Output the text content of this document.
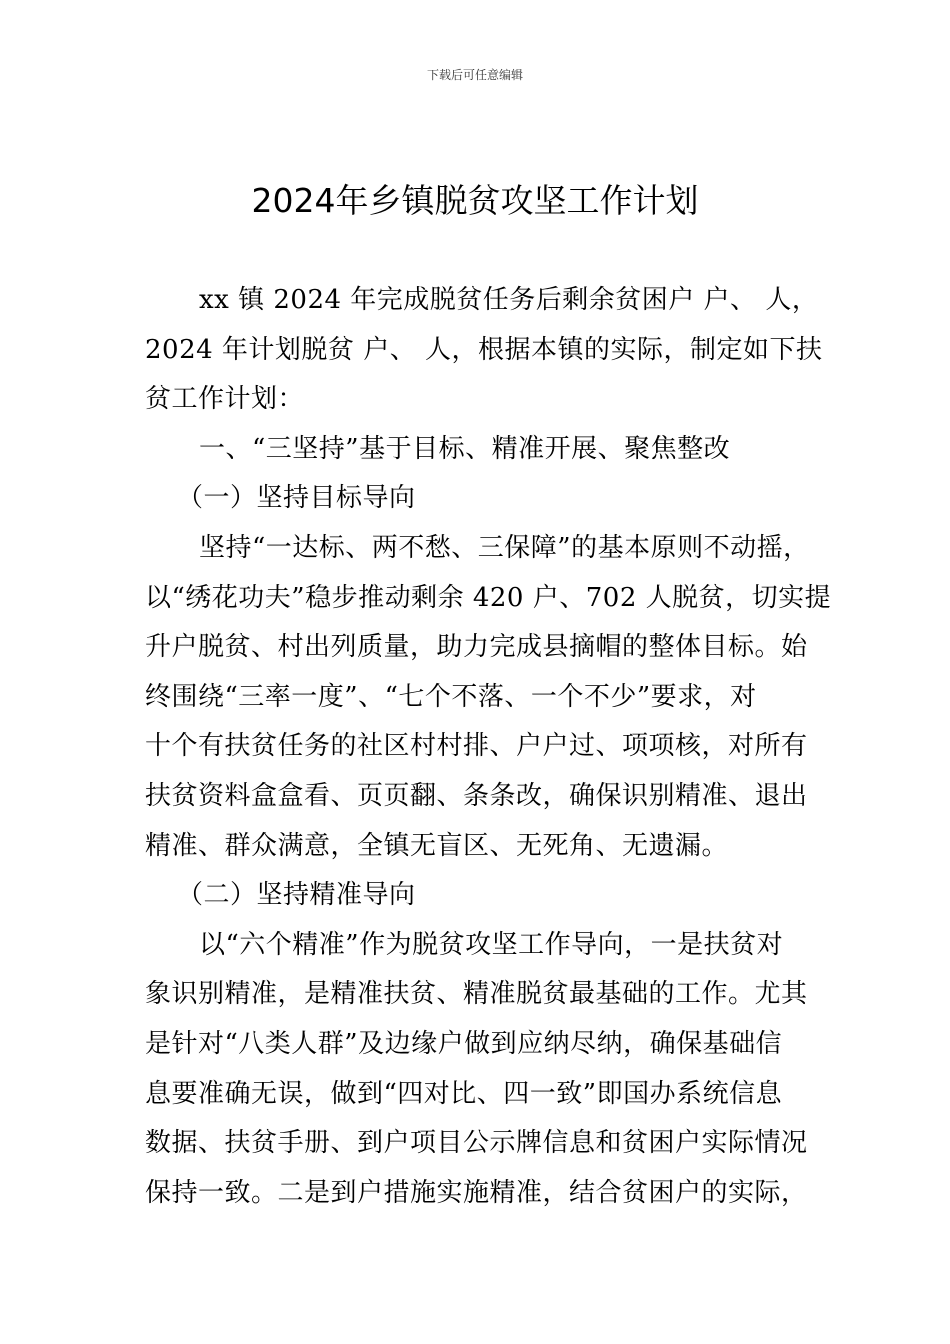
下载后可任意编辑
2024年乡镇脱贫攻坚工作计划
xx 镇 2024 年完成脱贫任务后剩余贫困户 户、 人，
2024 年计划脱贫 户、 人，根据本镇的实际，制定如下扶
贫工作计划：
一、“三坚持”基于目标、精准开展、聚焦整改
（一）坚持目标导向
坚持“一达标、两不愁、三保障”的基本原则不动摇，
以“绣花功夫”稳步推动剩余 420 户、702 人脱贫，切实提
升户脱贫、村出列质量，助力完成县摘帽的整体目标。始
终围绕“三率一度”、“七个不落、一个不少”要求，对
十个有扶贫任务的社区村村排、户户过、项项核，对所有
扶贫资料盒盒看、页页翻、条条改，确保识别精准、退出
精准、群众满意，全镇无盲区、无死角、无遗漏。
（二）坚持精准导向
以“六个精准”作为脱贫攻坚工作导向，一是扶贫对
象识别精准，是精准扶贫、精准脱贫最基础的工作。尤其
是针对“八类人群”及边缘户做到应纳尽纳，确保基础信
息要准确无误，做到“四对比、四一致”即国办系统信息
数据、扶贫手册、到户项目公示牌信息和贫困户实际情况
保持一致。二是到户措施实施精准，结合贫困户的实际，
